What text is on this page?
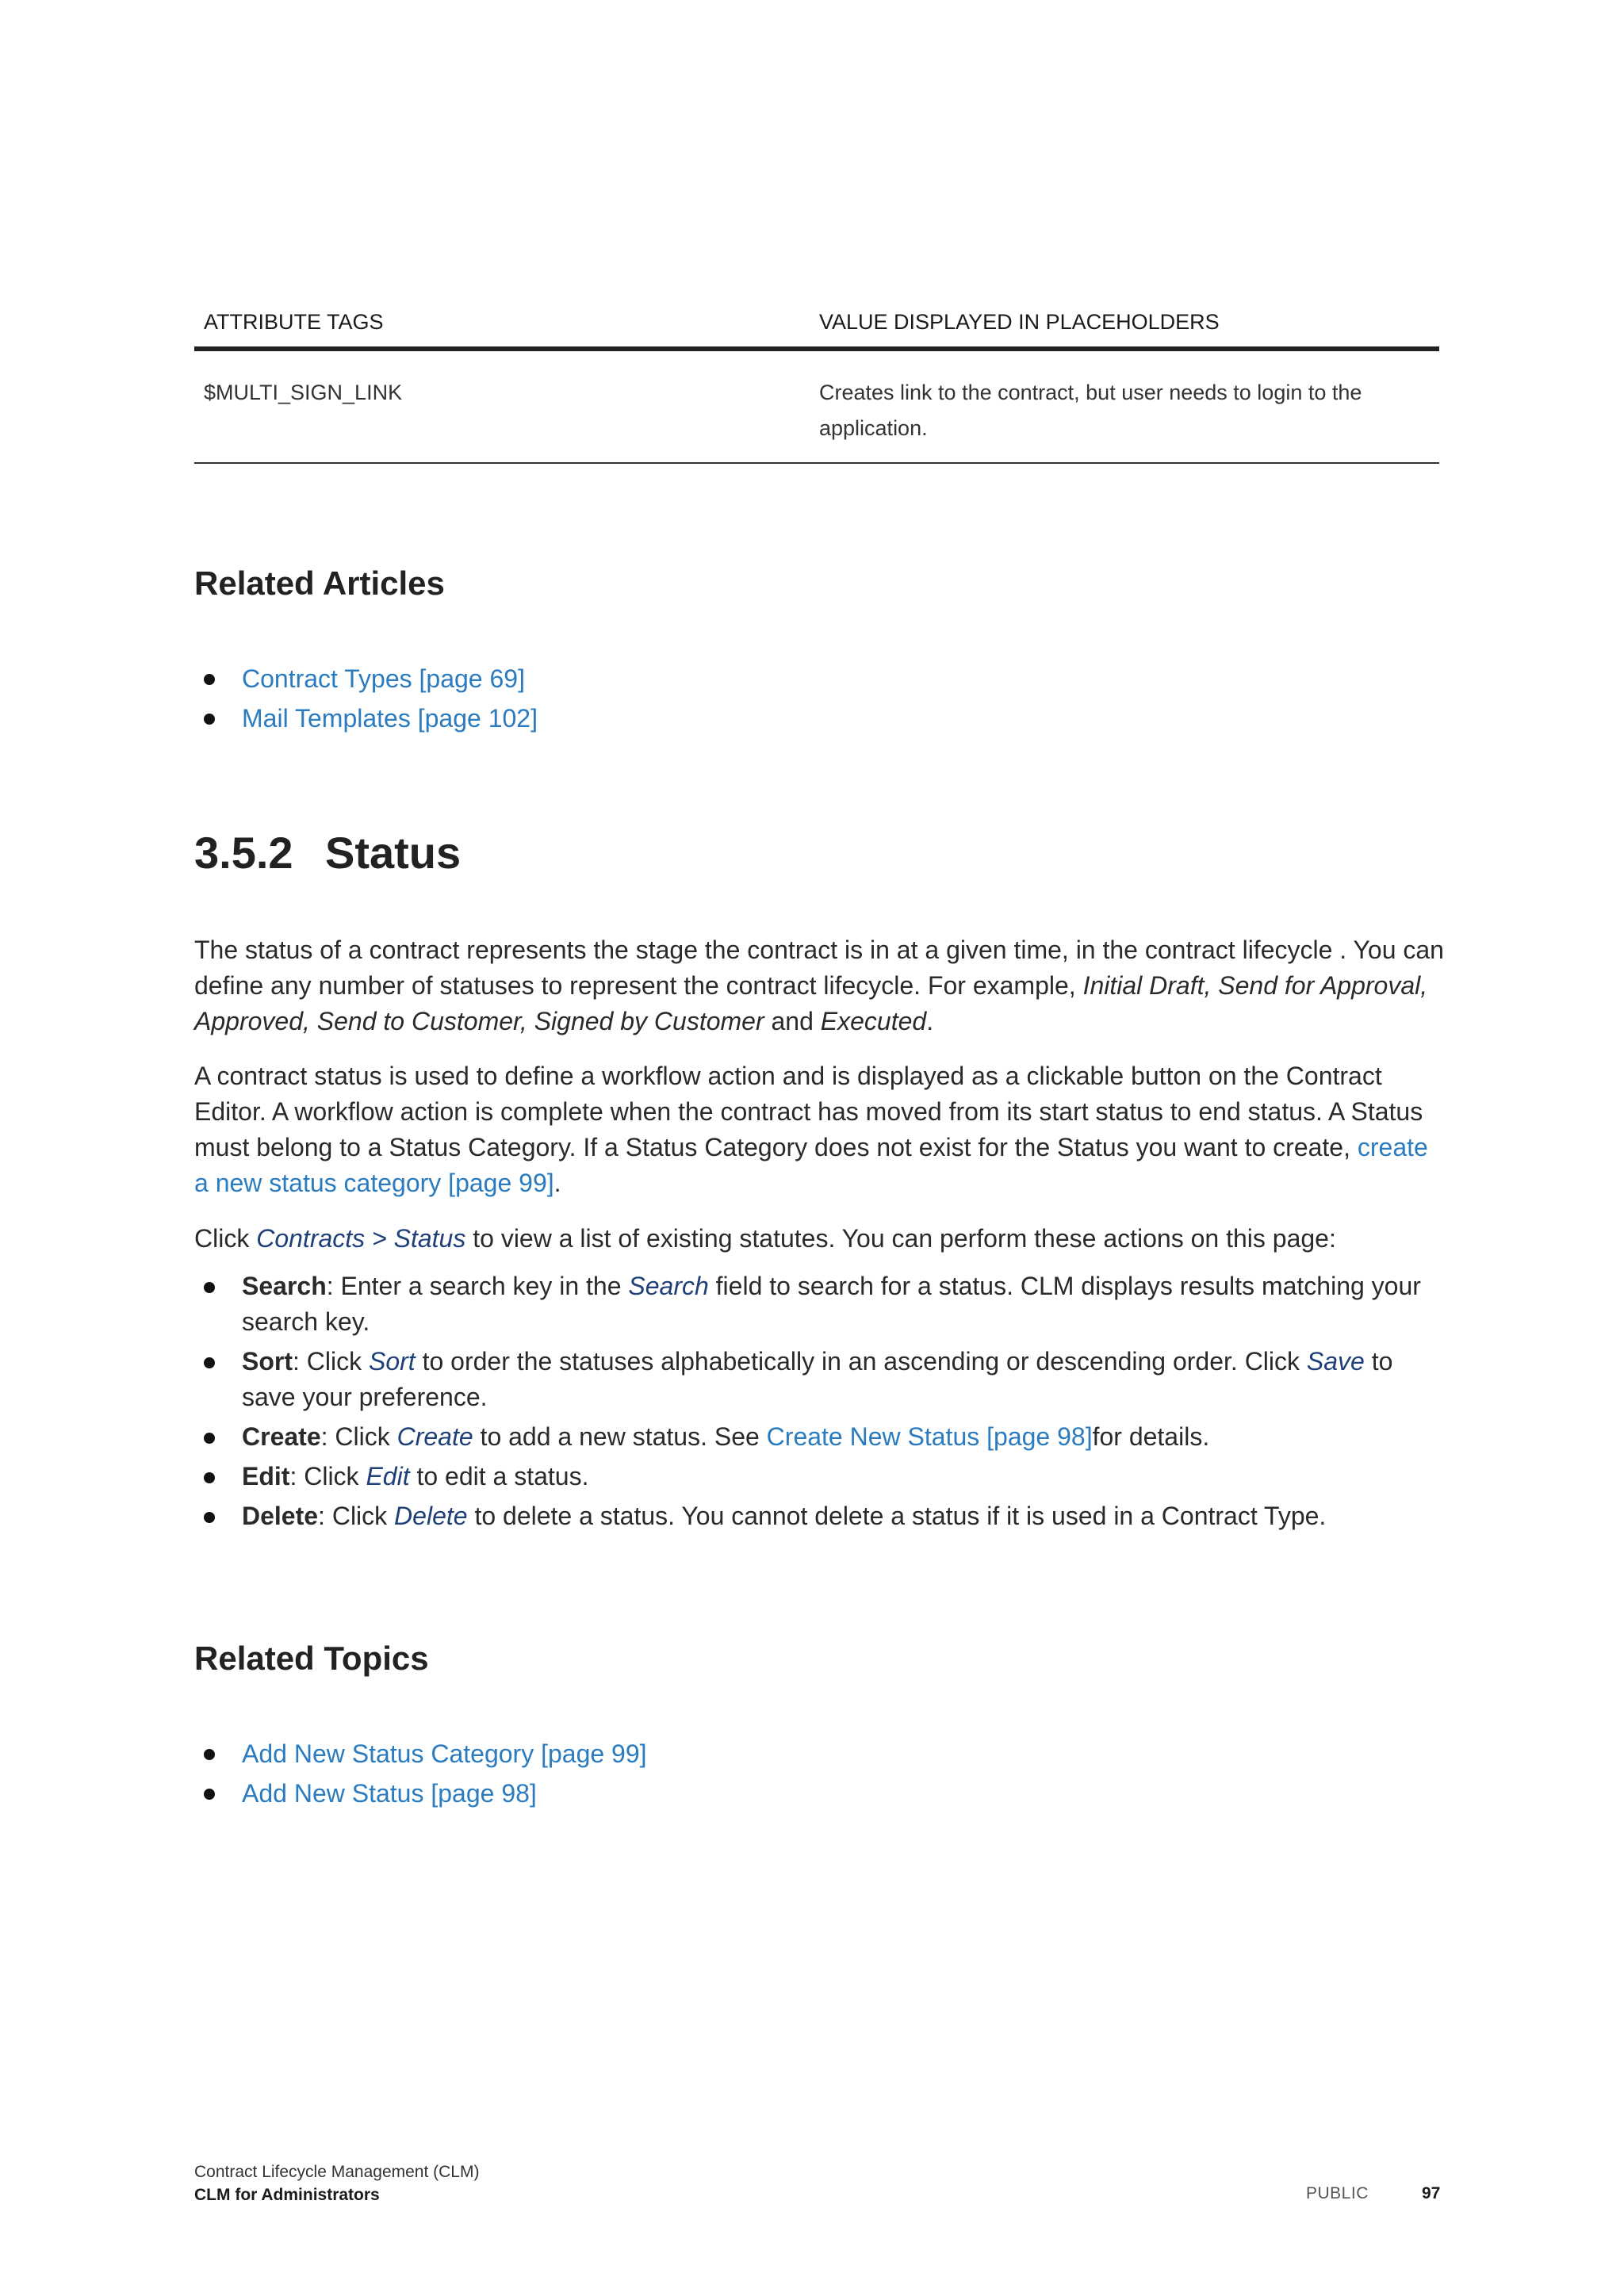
ATTRIBUTE TAGS	VALUE DISPLAYED IN PLACEHOLDERS
$MULTI_SIGN_LINK	Creates link to the contract, but user needs to login to the
application.
Related Articles
Contract Types [page 69]
Mail Templates [page 102]
3.5.2 Status

The status of a contract represents the stage the contract is in at a given time, in the contract lifecycle . You can define any number of statuses to represent the contract lifecycle. For example, Initial Draft, Send for Approval, Approved, Send to Customer, Signed by Customer and Executed.

A contract status is used to define a workflow action and is displayed as a clickable button on the Contract Editor. A workflow action is complete when the contract has moved from its start status to end status. A Status must belong to a Status Category. If a Status Category does not exist for the Status you want to create, create a new status category [page 99].

Click Contracts > Status to view a list of existing statutes. You can perform these actions on this page:

Search: Enter a search key in the Search field to search for a status. CLM displays results matching your search key.
Sort: Click Sort to order the statuses alphabetically in an ascending or descending order. Click Save to save your preference.
Create: Click Create to add a new status. See Create New Status [page 98]for details.
Edit: Click Edit to edit a status.
Delete: Click Delete to delete a status. You cannot delete a status if it is used in a Contract Type.
Related Topics
Add New Status Category [page 99]
Add New Status [page 98]
Contract Lifecycle Management (CLM)
CLM for Administrators	PUBLIC	97
